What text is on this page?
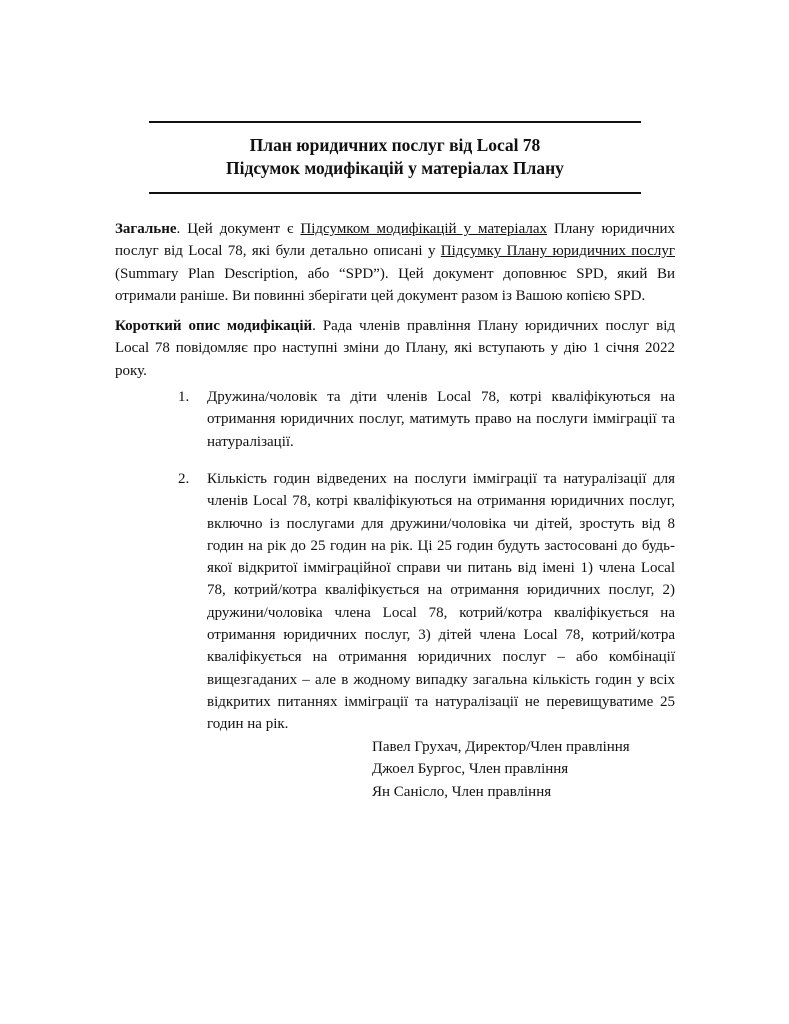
План юридичних послуг від Local 78
Підсумок модифікацій у матеріалах Плану
Загальне. Цей документ є Підсумком модифікацій у матеріалах Плану юридичних послуг від Local 78, які були детально описані у Підсумку Плану юридичних послуг (Summary Plan Description, або “SPD”). Цей документ доповнює SPD, який Ви отримали раніше. Ви повинні зберігати цей документ разом із Вашою копією SPD.
Короткий опис модифікацій. Рада членів правління Плану юридичних послуг від Local 78 повідомляє про наступні зміни до Плану, які вступають у дію 1 січня 2022 року.
1. Дружина/чоловік та діти членів Local 78, котрі кваліфікуються на отримання юридичних послуг, матимуть право на послуги імміграції та натуралізації.
2. Кількість годин відведених на послуги імміграції та натуралізації для членів Local 78, котрі кваліфікуються на отримання юридичних послуг, включно із послугами для дружини/чоловіка чи дітей, зростуть від 8 годин на рік до 25 годин на рік. Ці 25 годин будуть застосовані до будь-якої відкритої імміграційної справи чи питань від імені 1) члена Local 78, котрий/котра кваліфікується на отримання юридичних послуг, 2) дружини/чоловіка члена Local 78, котрий/котра кваліфікується на отримання юридичних послуг, 3) дітей члена Local 78, котрий/котра кваліфікується на отримання юридичних послуг – або комбінації вищезгаданих – але в жодному випадку загальна кількість годин у всіх відкритих питаннях імміграції та натуралізації не перевищуватиме 25 годин на рік.
Павел Грухач, Директор/Член правління
Джоел Бургос, Член правління
Ян Санісло, Член правління
